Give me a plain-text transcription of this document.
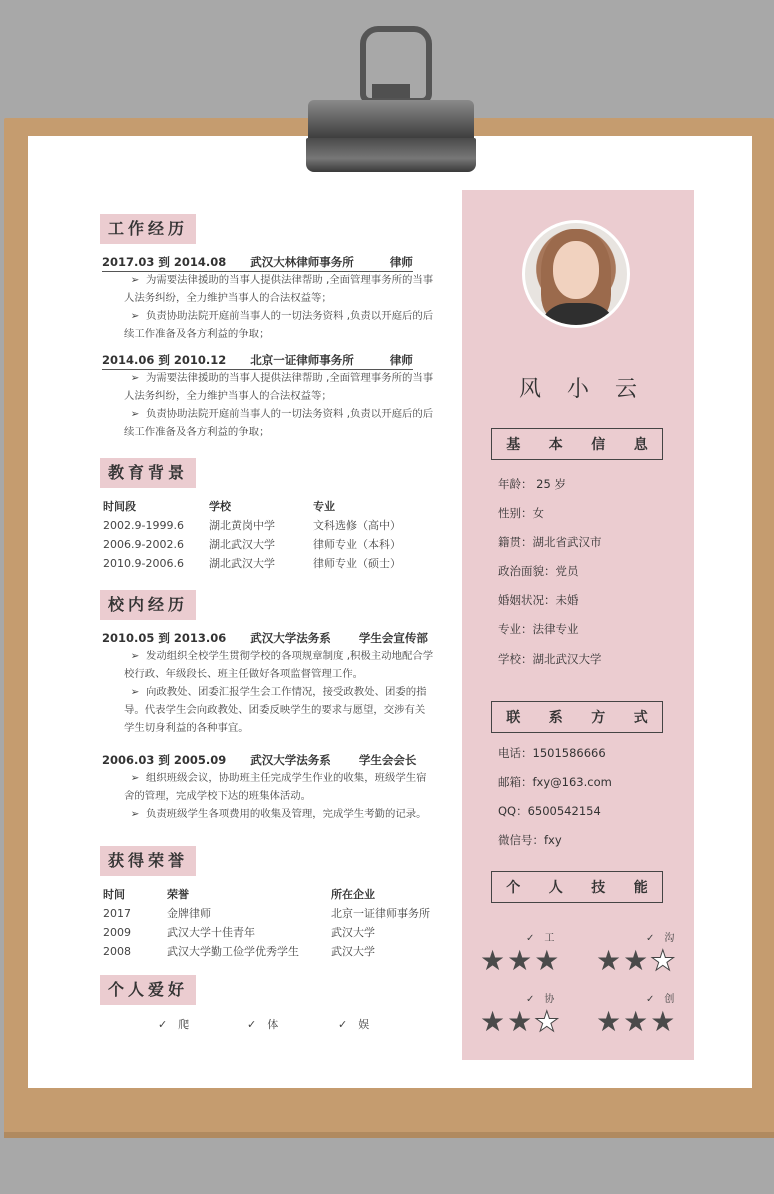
工作经历
2017.03 到 2014.08 武汉大林律师事务所	律师
➢ 为需要法律援助的当事人提供法律帮助 ,全面管理事务所的当事人法务纠纷，全力维护当事人的合法权益等；
➢ 负责协助法院开庭前当事人的一切法务资料 ,负责以开庭后的后续工作准备及各方利益的争取；
2014.06 到 2010.12 北京一证律师事务所	律师
➢ 为需要法律援助的当事人提供法律帮助 ,全面管理事务所的当事人法务纠纷，全力维护当事人的合法权益等；
➢ 负责协助法院开庭前当事人的一切法务资料 ,负责以开庭后的后续工作准备及各方利益的争取；
教育背景
时间段	学校	专业
2002.9-1999.6	湖北黄岗中学	文科选修（高中）
2006.9-2002.6	湖北武汉大学	律师专业（本科）
2010.9-2006.6	湖北武汉大学	律师专业（硕士）
校内经历
2010.05 到 2013.06 武汉大学法务系 学生会宣传部
➢ 发动组织全校学生贯彻学校的各项规章制度 ,积极主动地配合学校行政、年级段长、班主任做好各项监督管理工作。
➢ 向政教处、团委汇报学生会工作情况，接受政教处、团委的指导。代表学生会向政教处、团委反映学生的要求与愿望，交涉有关学生切身利益的各种事宜。
2006.03 到 2005.09 武汉大学法务系 学生会会长
➢ 组织班级会议，协助班主任完成学生作业的收集，班级学生宿舍的管理，完成学校下达的班集体活动。
➢ 负责班级学生各项费用的收集及管理，完成学生考勤的记录。
获得荣誉
时间	荣誉	所在企业
2017	金牌律师	北京一证律师事务所
2009	武汉大学十佳青年	武汉大学
2008	武汉大学勤工俭学优秀学生	武汉大学
个人爱好
✓　爬	✓　体	✓　娱
风小云
基 本 信 息
年龄： 25 岁
性别：女
籍贯：湖北省武汉市
政治面貌：党员
婚姻状况：未婚
专业：法律专业
学校：湖北武汉大学
联 系 方 式
电话：1501586666
邮箱：fxy@163.com
QQ：6500542154
微信号：fxy
个 人 技 能
✓　工
★★★
✓　沟
★★★
✓　协
★★★
✓　创
★★★
